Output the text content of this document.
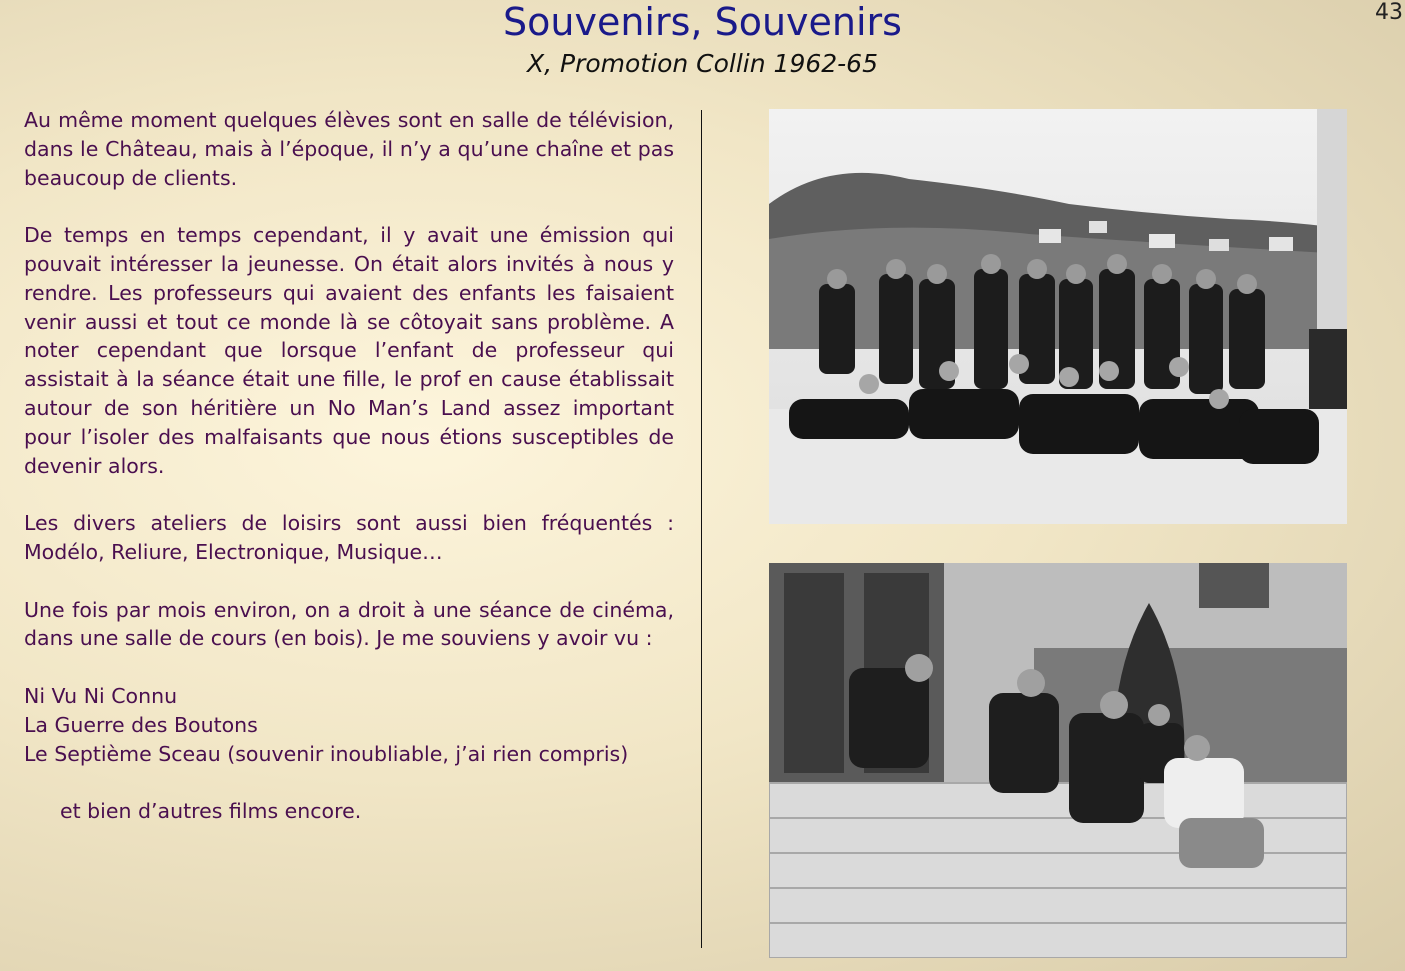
Souvenirs, Souvenirs
X, Promotion Collin 1962-65
43

Au même moment quelques élèves sont en salle de télévision, dans le Château, mais à l’époque, il n’y a qu’une chaîne et pas beaucoup de clients.

De temps en temps cependant, il y avait une émission qui pouvait intéresser la jeunesse. On était alors invités à nous y rendre. Les professeurs qui avaient des enfants les faisaient venir aussi et tout ce monde là se côtoyait sans problème. A noter cependant que lorsque l’enfant de professeur qui assistait à la séance était une fille, le prof en cause établissait autour de son héritière un No Man’s Land assez important pour l’isoler des malfaisants que nous étions susceptibles de devenir alors.

Les divers ateliers de loisirs sont aussi bien fréquentés : Modélo, Reliure, Electronique, Musique…

Une fois par mois environ, on a droit à une séance de cinéma, dans une salle de cours (en bois). Je me souviens y avoir vu :

Ni Vu Ni Connu
La Guerre des Boutons
Le Septième Sceau (souvenir inoubliable, j’ai rien compris)

et bien d’autres films encore.
